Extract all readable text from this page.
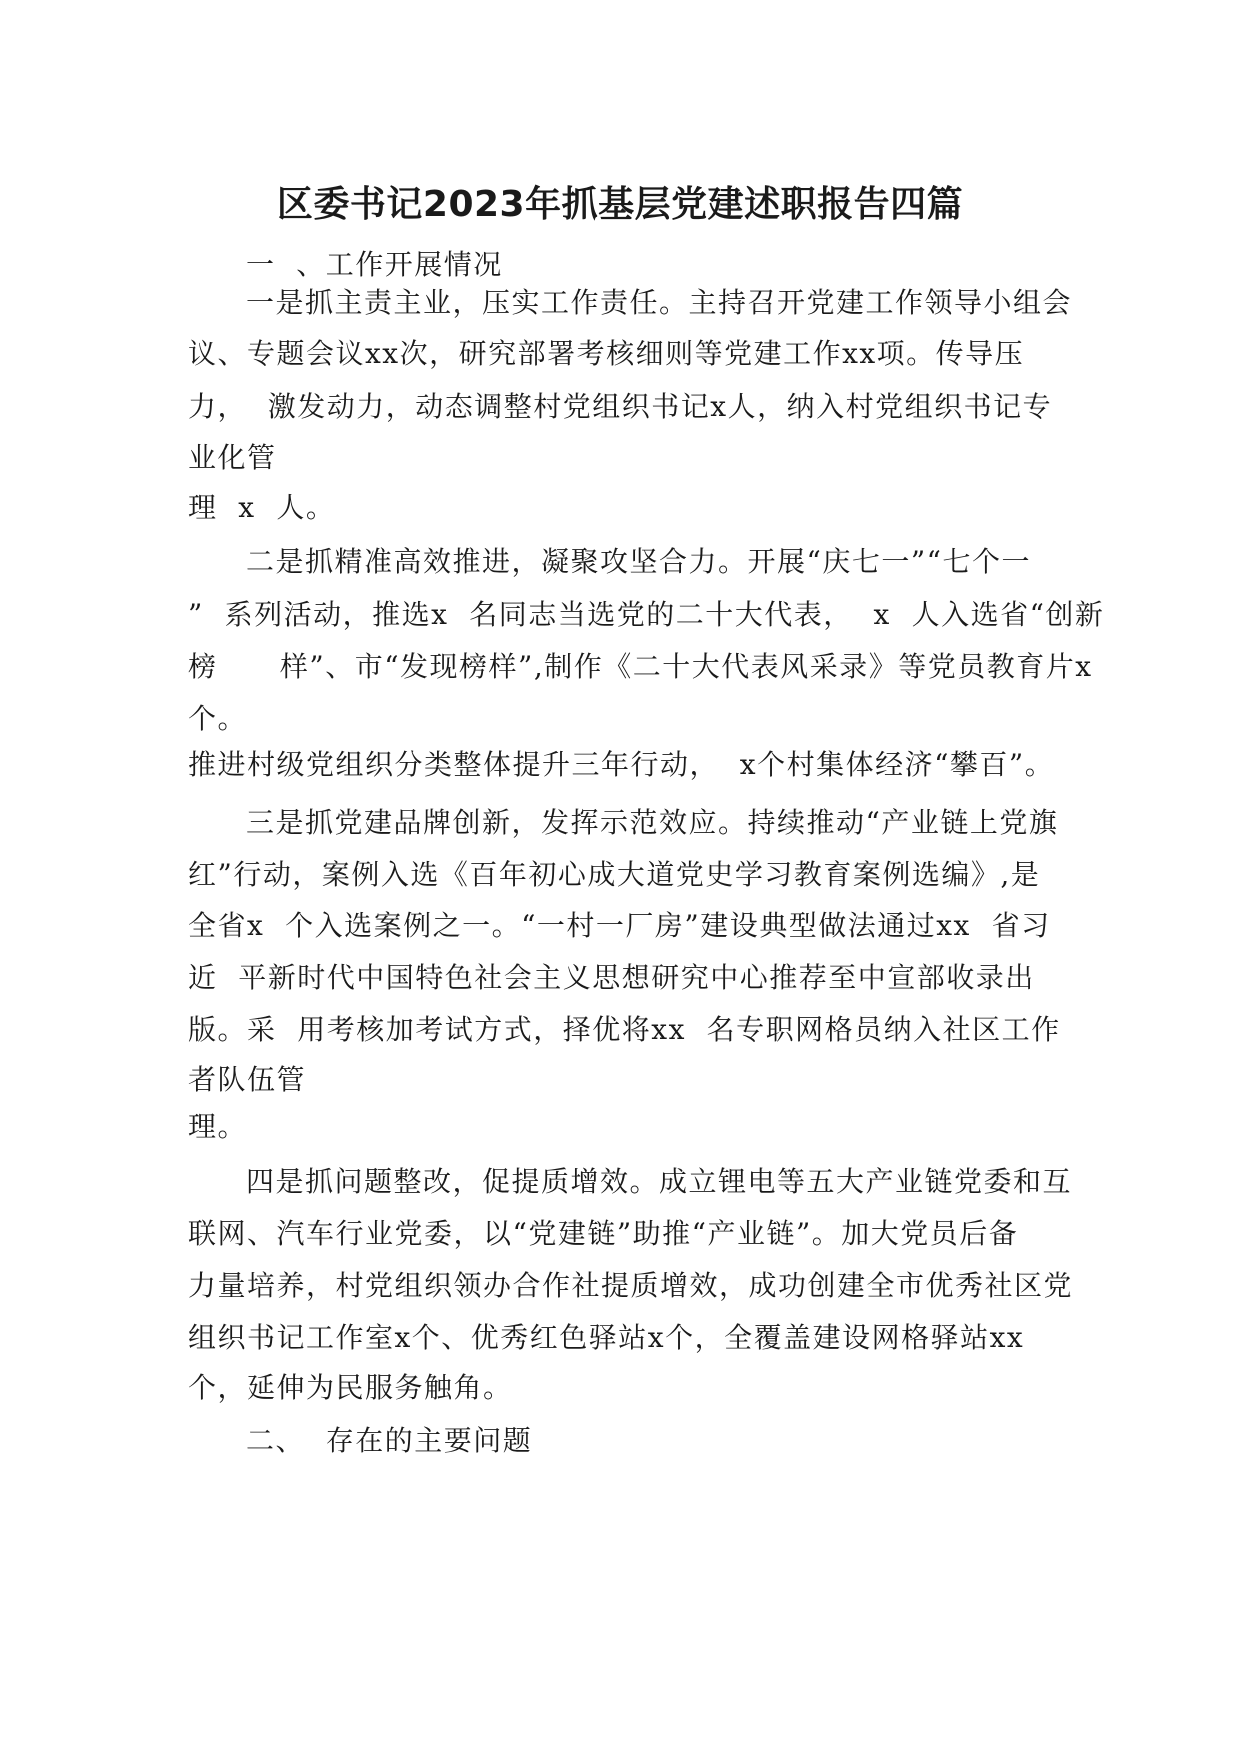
区委书记2023年抓基层党建述职报告四篇
一  、工作开展情况
一是抓主责主业，压实工作责任。主持召开党建工作领导小组会
议、专题会议xx次，研究部署考核细则等党建工作xx项。传导压
力，  激发动力，动态调整村党组织书记x人，纳入村党组织书记专
业化管
理  x  人。
二是抓精准高效推进，凝聚攻坚合力。开展“庆七一”“七个一
”  系列活动，推选x  名同志当选党的二十大代表，  x  人入选省“创新
榜      样”、市“发现榜样”,制作《二十大代表风采录》等党员教育片x
个。
推进村级党组织分类整体提升三年行动，  x个村集体经济“攀百”。
三是抓党建品牌创新，发挥示范效应。持续推动“产业链上党旗
红”行动，案例入选《百年初心成大道党史学习教育案例选编》,是
全省x  个入选案例之一。“一村一厂房”建设典型做法通过xx  省习
近  平新时代中国特色社会主义思想研究中心推荐至中宣部收录出
版。采  用考核加考试方式，择优将xx  名专职网格员纳入社区工作
者队伍管
理。
四是抓问题整改，促提质增效。成立锂电等五大产业链党委和互
联网、汽车行业党委，以“党建链”助推“产业链”。加大党员后备
力量培养，村党组织领办合作社提质增效，成功创建全市优秀社区党
组织书记工作室x个、优秀红色驿站x个，全覆盖建设网格驿站xx
个，延伸为民服务触角。
二、  存在的主要问题
